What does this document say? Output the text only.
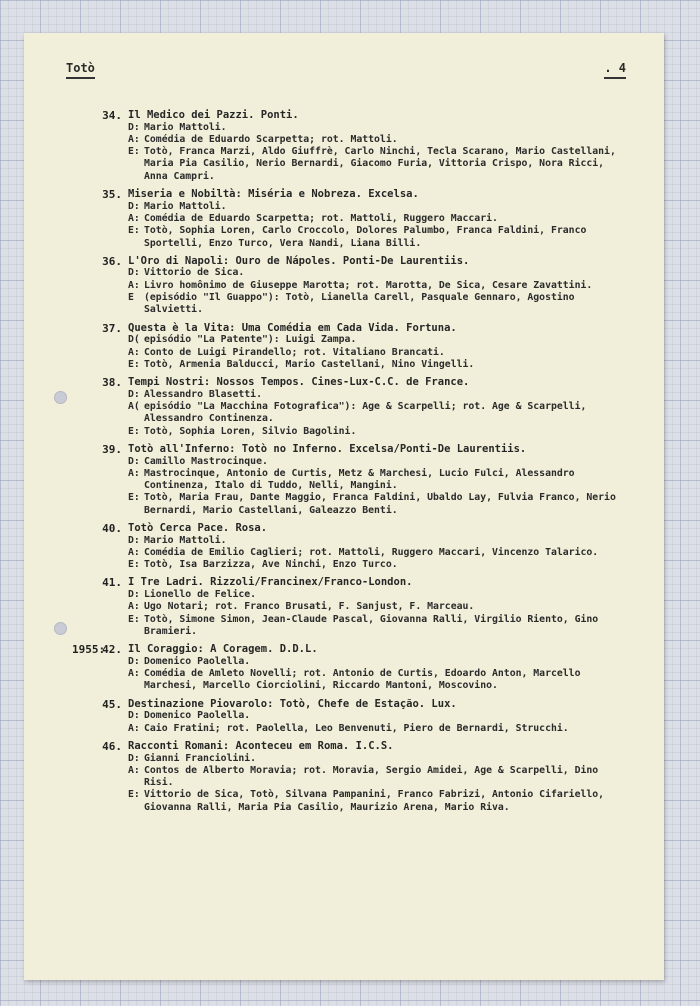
Totò	. 4
34. Il Medico dei Pazzi. Ponti.
D: Mario Mattoli.
A: Comédia de Eduardo Scarpetta; rot. Mattoli.
E: Totò, Franca Marzi, Aldo Giuffrè, Carlo Ninchi, Tecla Scarano, Mario Castellani, Maria Pia Casilio, Nerio Bernardi, Giacomo Furia, Vittoria Crispo, Nora Ricci, Anna Campri.
35. Miseria e Nobiltà: Miséria e Nobreza. Excelsa.
D: Mario Mattoli.
A: Comédia de Eduardo Scarpetta; rot. Mattoli, Ruggero Maccari.
E: Totò, Sophia Loren, Carlo Croccolo, Dolores Palumbo, Franca Faldini, Franco Sportelli, Enzo Turco, Vera Nandi, Liana Billi.
36. L'Oro di Napoli: Ouro de Nápoles. Ponti-De Laurentiis.
D: Vittorio de Sica.
A: Livro homônimo de Giuseppe Marotta; rot. Marotta, De Sica, Cesare Zavattini.
E (episódio "Il Guappo"): Totò, Lianella Carell, Pasquale Gennaro, Agostino Salvietti.
37. Questa è la Vita: Uma Comédia em Cada Vida. Fortuna.
D( episódio "La Patente"): Luigi Zampa.
A: Conto de Luigi Pirandello; rot. Vitaliano Brancati.
E: Totò, Armenia Balducci, Mario Castellani, Nino Vingelli.
38. Tempi Nostri: Nossos Tempos. Cines-Lux-C.C. de France.
D: Alessandro Blasetti.
A( episódio "La Macchina Fotografica"): Age & Scarpelli; rot. Age & Scarpelli, Alessandro Continenza.
E: Totò, Sophia Loren, Silvio Bagolini.
39. Totò all'Inferno: Totò no Inferno. Excelsa/Ponti-De Laurentiis.
D: Camillo Mastrocinque.
A: Mastrocinque, Antonio de Curtis, Metz & Marchesi, Lucio Fulci, Alessandro Continenza, Italo di Tuddo, Nelli, Mangini.
E: Totò, Maria Frau, Dante Maggio, Franca Faldini, Ubaldo Lay, Fulvia Franco, Nerio Bernardi, Mario Castellani, Galeazzo Benti.
40. Totò Cerca Pace. Rosa.
D: Mario Mattoli.
A: Comédia de Emilio Caglieri; rot. Mattoli, Ruggero Maccari, Vincenzo Talarico.
E: Totò, Isa Barzizza, Ave Ninchi, Enzo Turco.
41. I Tre Ladri. Rizzoli/Francinex/Franco-London.
D: Lionello de Felice.
A: Ugo Notari; rot. Franco Brusati, F. Sanjust, F. Marceau.
E: Totò, Simone Simon, Jean-Claude Pascal, Giovanna Ralli, Virgilio Riento, Gino Bramieri.
1955:
42. Il Coraggio: A Coragem. D.D.L.
D: Domenico Paolella.
A: Comédia de Amleto Novelli; rot. Antonio de Curtis, Edoardo Anton, Marcello Marchesi, Marcello Ciorciolini, Riccardo Mantoni, Moscovino.
45. Destinazione Piovarolo: Totò, Chefe de Estação. Lux.
D: Domenico Paolella.
A: Caio Fratini; rot. Paolella, Leo Benvenuti, Piero de Bernardi, Strucchi.
46. Racconti Romani: Aconteceu em Roma. I.C.S.
D: Gianni Franciolini.
A: Contos de Alberto Moravia; rot. Moravia, Sergio Amidei, Age & Scarpelli, Dino Risi.
E: Vittorio de Sica, Totò, Silvana Pampanini, Franco Fabrizi, Antonio Cifariello, Giovanna Ralli, Maria Pia Casilio, Maurizio Arena, Mario Riva.
